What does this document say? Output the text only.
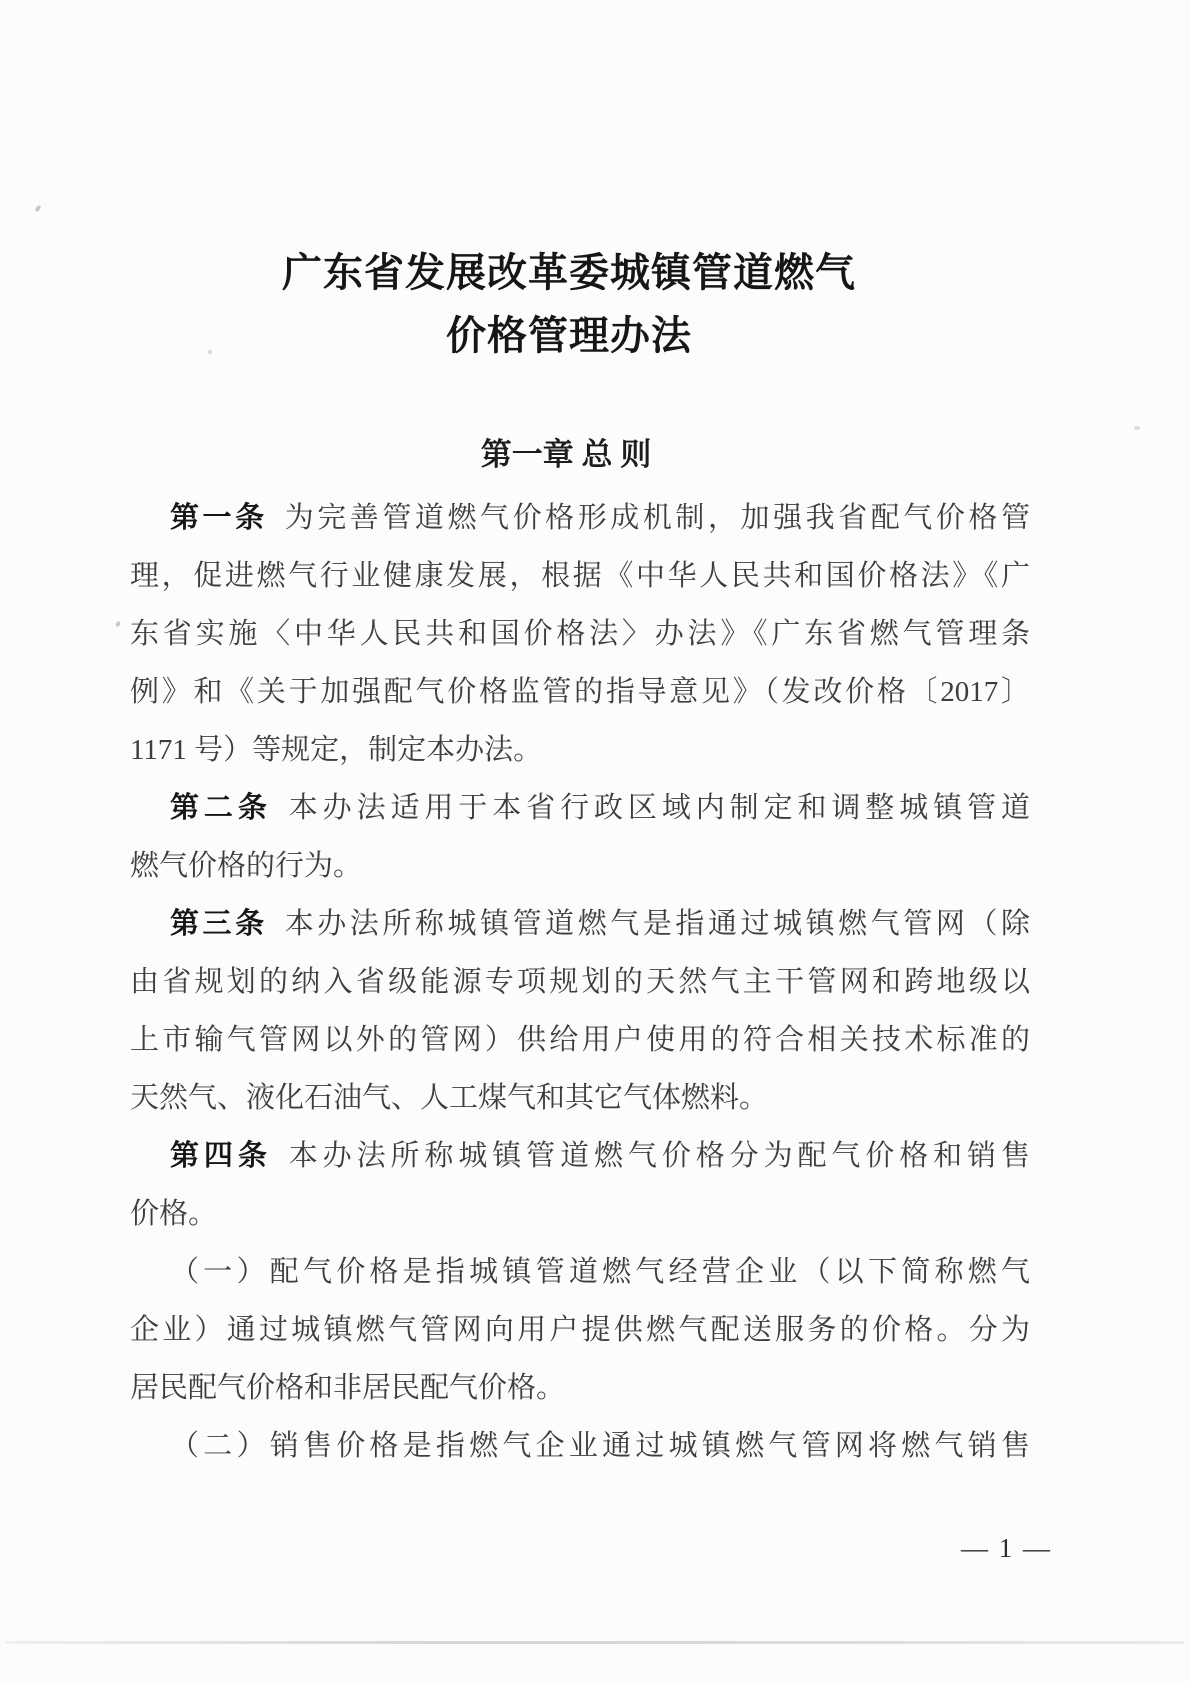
广东省发展改革委城镇管道燃气
价格管理办法
第一章 总 则
第一条 为完善管道燃气价格形成机制，加强我省配气价格管
理，促进燃气行业健康发展，根据《中华人民共和国价格法》《广
东省实施〈中华人民共和国价格法〉办法》《广东省燃气管理条
例》和《关于加强配气价格监管的指导意见》（发改价格〔2017〕
1171 号）等规定，制定本办法。
第二条 本办法适用于本省行政区域内制定和调整城镇管道
燃气价格的行为。
第三条 本办法所称城镇管道燃气是指通过城镇燃气管网（除
由省规划的纳入省级能源专项规划的天然气主干管网和跨地级以
上市输气管网以外的管网）供给用户使用的符合相关技术标准的
天然气、液化石油气、人工煤气和其它气体燃料。
第四条 本办法所称城镇管道燃气价格分为配气价格和销售
价格。
（一）配气价格是指城镇管道燃气经营企业（以下简称燃气
企业）通过城镇燃气管网向用户提供燃气配送服务的价格。分为
居民配气价格和非居民配气价格。
（二）销售价格是指燃气企业通过城镇燃气管网将燃气销售
— 1 —
